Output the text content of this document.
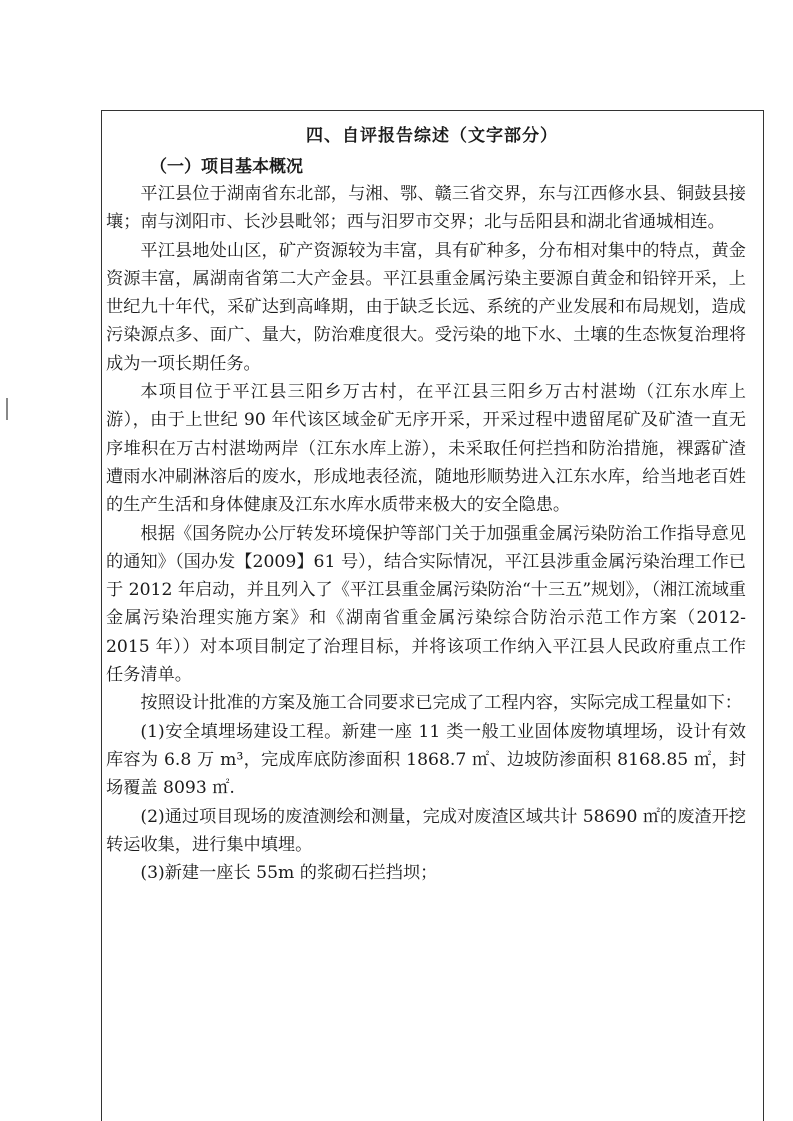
四、自评报告综述（文字部分）
（一）项目基本概况

平江县位于湖南省东北部，与湘、鄂、赣三省交界，东与江西修水县、铜鼓县接壤；南与浏阳市、长沙县毗邻；西与汨罗市交界；北与岳阳县和湖北省通城相连。

平江县地处山区，矿产资源较为丰富，具有矿种多，分布相对集中的特点，黄金资源丰富，属湖南省第二大产金县。平江县重金属污染主要源自黄金和铅锌开采，上世纪九十年代，采矿达到高峰期，由于缺乏长远、系统的产业发展和布局规划，造成污染源点多、面广、量大，防治难度很大。受污染的地下水、土壤的生态恢复治理将成为一项长期任务。

本项目位于平江县三阳乡万古村，在平江县三阳乡万古村湛坳（江东水库上游），由于上世纪 90 年代该区域金矿无序开采，开采过程中遗留尾矿及矿渣一直无序堆积在万古村湛坳两岸（江东水库上游），未采取任何拦挡和防治措施，裸露矿渣遭雨水冲刷淋溶后的废水，形成地表径流，随地形顺势进入江东水库，给当地老百姓的生产生活和身体健康及江东水库水质带来极大的安全隐患。

根据《国务院办公厅转发环境保护等部门关于加强重金属污染防治工作指导意见的通知》（国办发【2009】61 号），结合实际情况，平江县涉重金属污染治理工作已于 2012 年启动，并且列入了《平江县重金属污染防治“十三五”规划》，（湘江流域重金属污染治理实施方案》和《湖南省重金属污染综合防治示范工作方案（2012-2015 年））对本项目制定了治理目标，并将该项工作纳入平江县人民政府重点工作任务清单。

按照设计批准的方案及施工合同要求已完成了工程内容，实际完成工程量如下：

(1)安全填埋场建设工程。新建一座 11 类一般工业固体废物填埋场，设计有效库容为 6.8 万 m³，完成库底防渗面积 1868.7 ㎡、边坡防渗面积 8168.85 ㎡，封场覆盖 8093 ㎡.

(2)通过项目现场的废渣测绘和测量，完成对废渣区域共计 58690 ㎡的废渣开挖转运收集，进行集中填埋。

(3)新建一座长 55m 的浆砌石拦挡坝；
